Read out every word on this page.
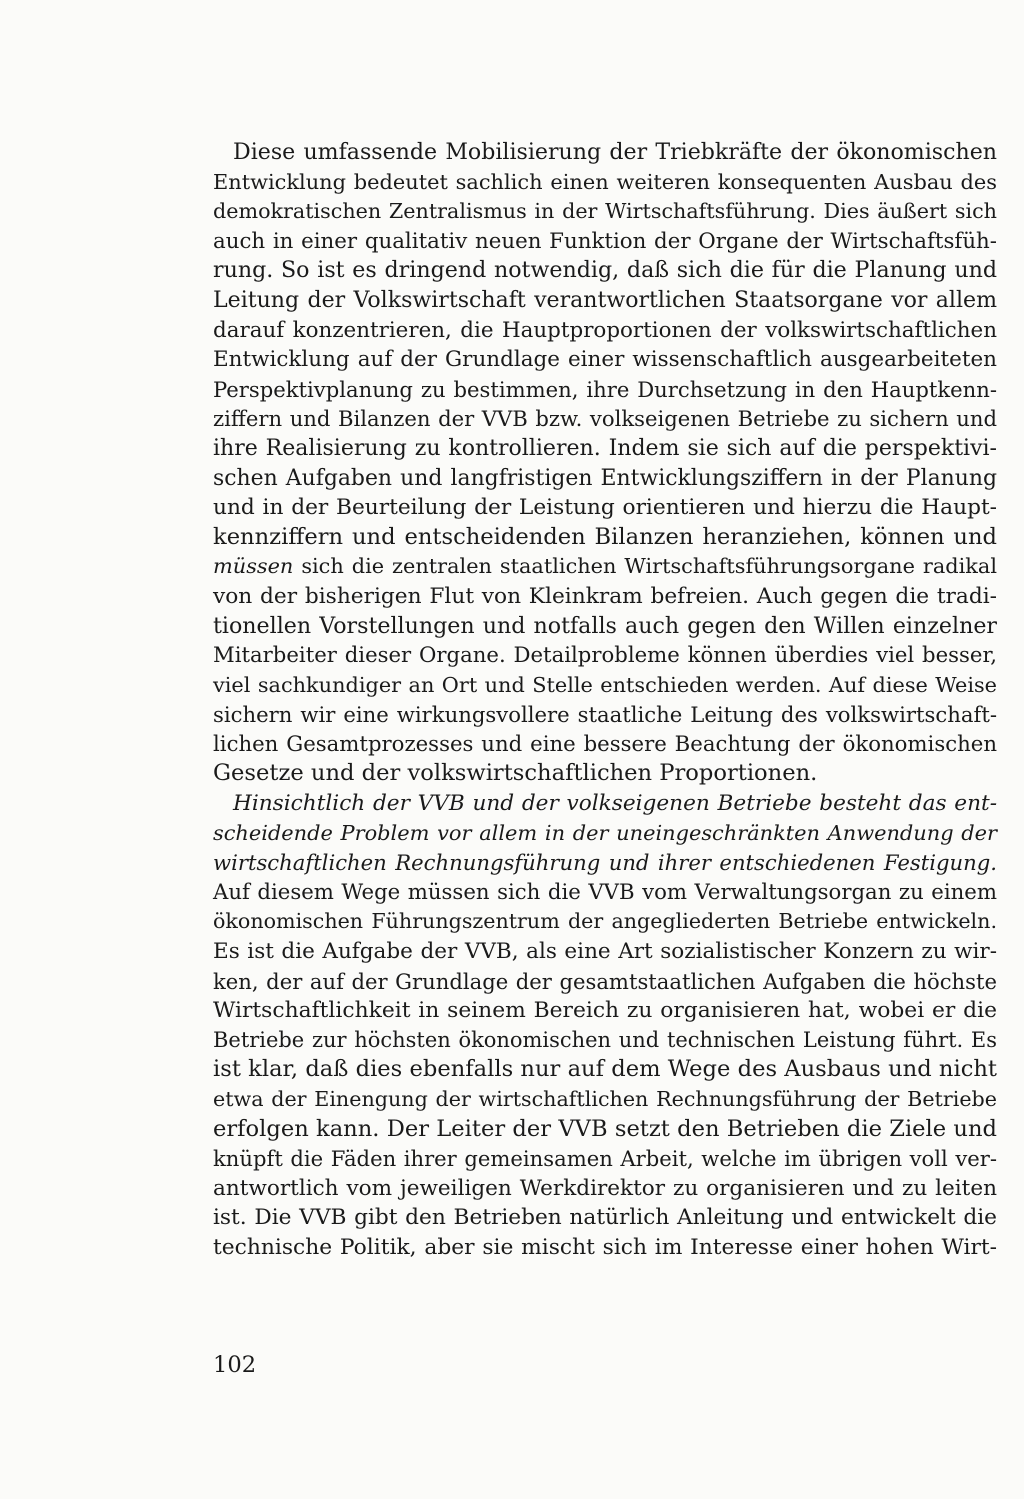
Diese umfassende Mobilisierung der Triebkräfte der ökonomischen
Entwicklung bedeutet sachlich einen weiteren konsequenten Ausbau des
demokratischen Zentralismus in der Wirtschaftsführung. Dies äußert sich
auch in einer qualitativ neuen Funktion der Organe der Wirtschaftsfüh-
rung. So ist es dringend notwendig, daß sich die für die Planung und
Leitung der Volkswirtschaft verantwortlichen Staatsorgane vor allem
darauf konzentrieren, die Hauptproportionen der volkswirtschaftlichen
Entwicklung auf der Grundlage einer wissenschaftlich ausgearbeiteten
Perspektivplanung zu bestimmen, ihre Durchsetzung in den Hauptkenn-
ziffern und Bilanzen der VVB bzw. volkseigenen Betriebe zu sichern und
ihre Realisierung zu kontrollieren. Indem sie sich auf die perspektivi-
schen Aufgaben und langfristigen Entwicklungsziffern in der Planung
und in der Beurteilung der Leistung orientieren und hierzu die Haupt-
kennziffern und entscheidenden Bilanzen heranziehen, können und
müssen sich die zentralen staatlichen Wirtschaftsführungsorgane radikal
von der bisherigen Flut von Kleinkram befreien. Auch gegen die tradi-
tionellen Vorstellungen und notfalls auch gegen den Willen einzelner
Mitarbeiter dieser Organe. Detailprobleme können überdies viel besser,
viel sachkundiger an Ort und Stelle entschieden werden. Auf diese Weise
sichern wir eine wirkungsvollere staatliche Leitung des volkswirtschaft-
lichen Gesamtprozesses und eine bessere Beachtung der ökonomischen
Gesetze und der volkswirtschaftlichen Proportionen.
Hinsichtlich der VVB und der volkseigenen Betriebe besteht das ent-
scheidende Problem vor allem in der uneingeschränkten Anwendung der
wirtschaftlichen Rechnungsführung und ihrer entschiedenen Festigung.
Auf diesem Wege müssen sich die VVB vom Verwaltungsorgan zu einem
ökonomischen Führungszentrum der angegliederten Betriebe entwickeln.
Es ist die Aufgabe der VVB, als eine Art sozialistischer Konzern zu wir-
ken, der auf der Grundlage der gesamtstaatlichen Aufgaben die höchste
Wirtschaftlichkeit in seinem Bereich zu organisieren hat, wobei er die
Betriebe zur höchsten ökonomischen und technischen Leistung führt. Es
ist klar, daß dies ebenfalls nur auf dem Wege des Ausbaus und nicht
etwa der Einengung der wirtschaftlichen Rechnungsführung der Betriebe
erfolgen kann. Der Leiter der VVB setzt den Betrieben die Ziele und
knüpft die Fäden ihrer gemeinsamen Arbeit, welche im übrigen voll ver-
antwortlich vom jeweiligen Werkdirektor zu organisieren und zu leiten
ist. Die VVB gibt den Betrieben natürlich Anleitung und entwickelt die
technische Politik, aber sie mischt sich im Interesse einer hohen Wirt-
102
